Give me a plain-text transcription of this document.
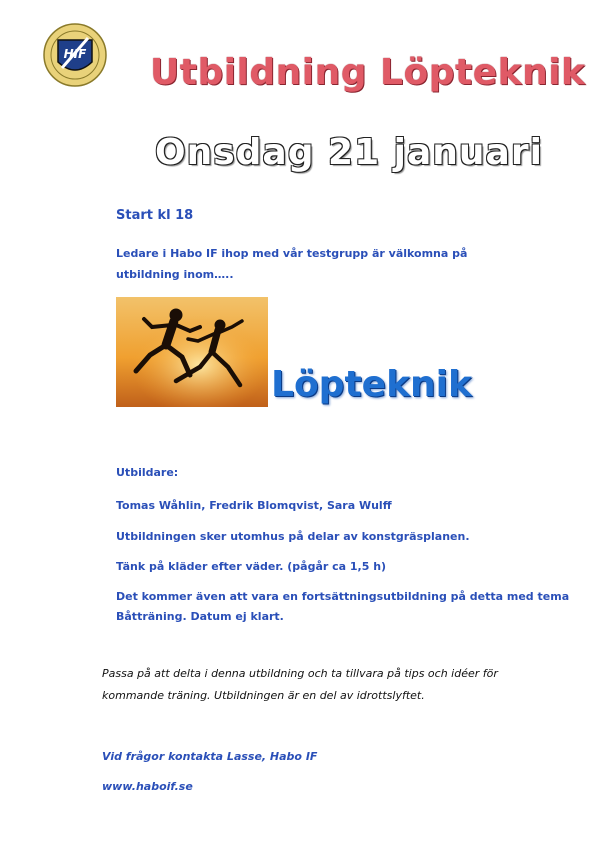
HIF Utbildning Löpteknik
Onsdag 21 januari
Start kl 18
Ledare i Habo IF ihop med vår testgrupp är välkomna på
utbildning inom…..
Löpteknik
Utbildare:
Tomas Wåhlin, Fredrik Blomqvist, Sara Wulff
Utbildningen sker utomhus på delar av konstgräsplanen.
Tänk på kläder efter väder. (pågår ca 1,5 h)
Det kommer även att vara en fortsättningsutbildning på detta med tema
Båtträning. Datum ej klart.
Passa på att delta i denna utbildning och ta tillvara på tips och idéer för
kommande träning. Utbildningen är en del av idrottslyftet.
Vid frågor kontakta Lasse, Habo IF
www.haboif.se
